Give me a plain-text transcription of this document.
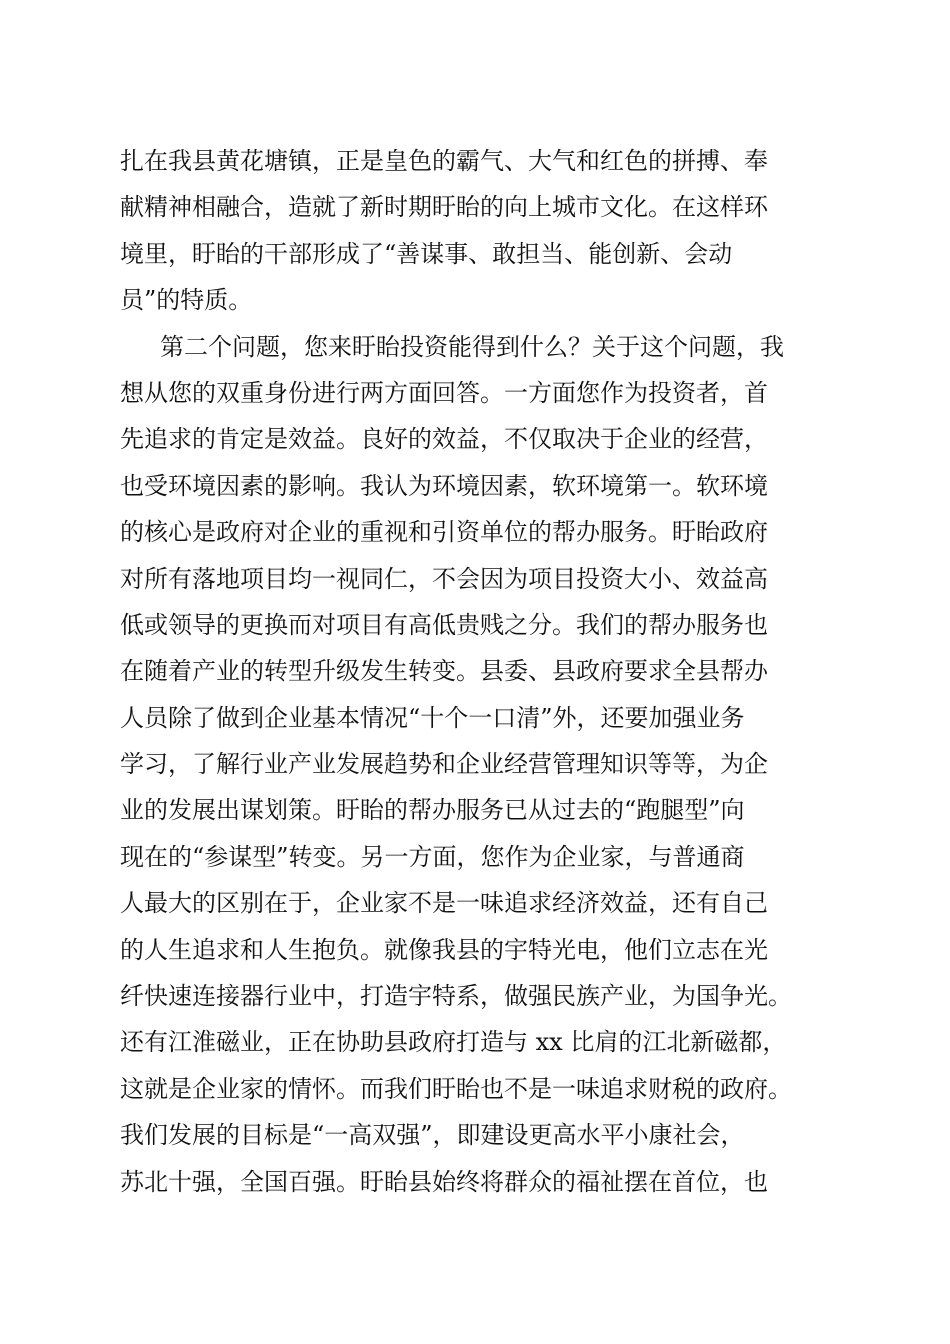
扎在我县黄花塘镇，正是皇色的霸气、大气和红色的拼搏、奉
献精神相融合，造就了新时期盱眙的向上城市文化。在这样环
境里，盱眙的干部形成了“善谋事、敢担当、能创新、会动
员”的特质。
第二个问题，您来盱眙投资能得到什么？关于这个问题，我
想从您的双重身份进行两方面回答。一方面您作为投资者，首
先追求的肯定是效益。良好的效益，不仅取决于企业的经营，
也受环境因素的影响。我认为环境因素，软环境第一。软环境
的核心是政府对企业的重视和引资单位的帮办服务。盱眙政府
对所有落地项目均一视同仁，不会因为项目投资大小、效益高
低或领导的更换而对项目有高低贵贱之分。我们的帮办服务也
在随着产业的转型升级发生转变。县委、县政府要求全县帮办
人员除了做到企业基本情况“十个一口清”外，还要加强业务
学习，了解行业产业发展趋势和企业经营管理知识等等，为企
业的发展出谋划策。盱眙的帮办服务已从过去的“跑腿型”向
现在的“参谋型”转变。另一方面，您作为企业家，与普通商
人最大的区别在于，企业家不是一味追求经济效益，还有自己
的人生追求和人生抱负。就像我县的宇特光电，他们立志在光
纤快速连接器行业中，打造宇特系，做强民族产业，为国争光。
还有江淮磁业，正在协助县政府打造与 xx 比肩的江北新磁都，
这就是企业家的情怀。而我们盱眙也不是一味追求财税的政府。
我们发展的目标是“一高双强”，即建设更高水平小康社会，
苏北十强，全国百强。盱眙县始终将群众的福祉摆在首位，也
